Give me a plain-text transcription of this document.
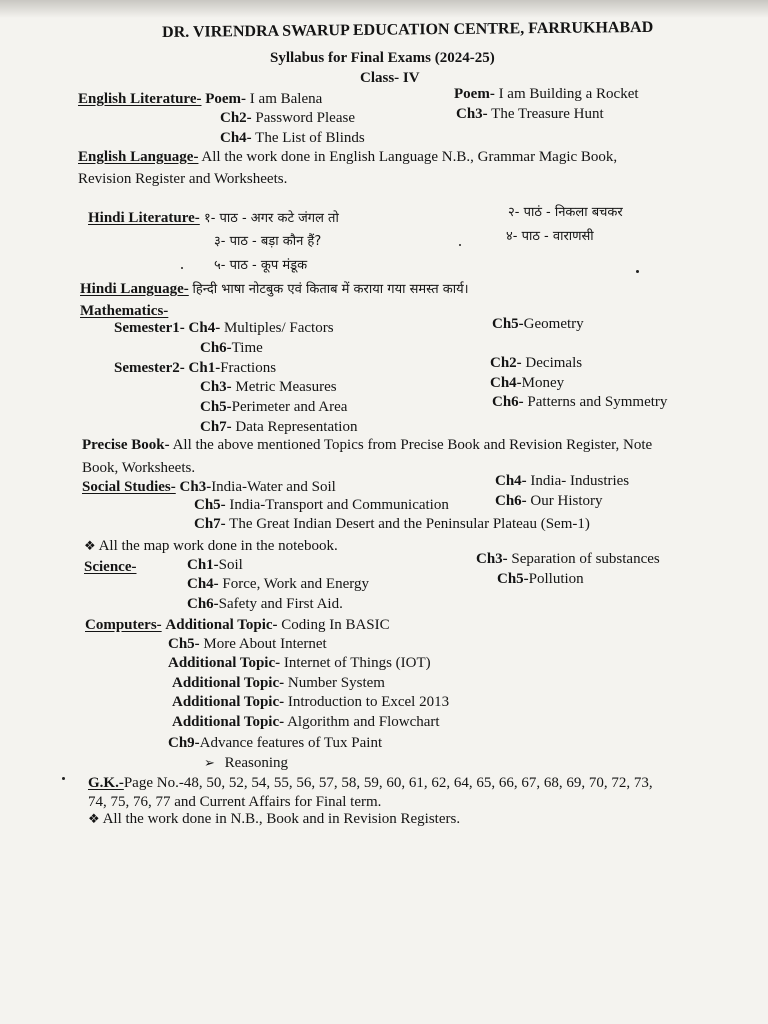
DR. VIRENDRA SWARUP EDUCATION CENTRE, FARRUKHABAD
Syllabus for Final Exams (2024-25)
Class- IV
English Literature- Poem- I am Balena	Poem- I am Building a Rocket
Ch2- Password Please	Ch3- The Treasure Hunt
Ch4- The List of Blinds
English Language- All the work done in English Language N.B., Grammar Magic Book,
Revision Register and Worksheets.
Hindi Literature- १- पाठ - अगर कटे जंगल तो	२- पाठं - निकला बचकर
३- पाठ - बड़ा कौन हैं?	४- पाठ - वाराणसी
५- पाठ - कूप मंडूक
Hindi Language- हिन्दी भाषा नोटबुक एवं किताब में कराया गया समस्त कार्य।
Mathematics-
Semester1- Ch4- Multiples/ Factors	Ch5-Geometry
Ch6-Time
Semester2- Ch1-Fractions	Ch2- Decimals
Ch3- Metric Measures	Ch4-Money
Ch5-Perimeter and Area	Ch6- Patterns and Symmetry
Ch7- Data Representation
Precise Book- All the above mentioned Topics from Precise Book and Revision Register, Note
Book, Worksheets.
Social Studies- Ch3-India-Water and Soil	Ch4- India- Industries
Ch5- India-Transport and Communication	Ch6- Our History
Ch7- The Great Indian Desert and the Peninsular Plateau (Sem-1)
❖ All the map work done in the notebook.
Science-	Ch1-Soil	Ch3- Separation of substances
Ch4- Force, Work and Energy	Ch5-Pollution
Ch6-Safety and First Aid.
Computers- Additional Topic- Coding In BASIC
Ch5- More About Internet
Additional Topic- Internet of Things (IOT)
Additional Topic- Number System
Additional Topic- Introduction to Excel 2013
Additional Topic- Algorithm and Flowchart
Ch9-Advance features of Tux Paint
➢ Reasoning
G.K.-Page No.-48, 50, 52, 54, 55, 56, 57, 58, 59, 60, 61, 62, 64, 65, 66, 67, 68, 69, 70, 72, 73,
74, 75, 76, 77 and Current Affairs for Final term.
❖ All the work done in N.B., Book and in Revision Registers.
